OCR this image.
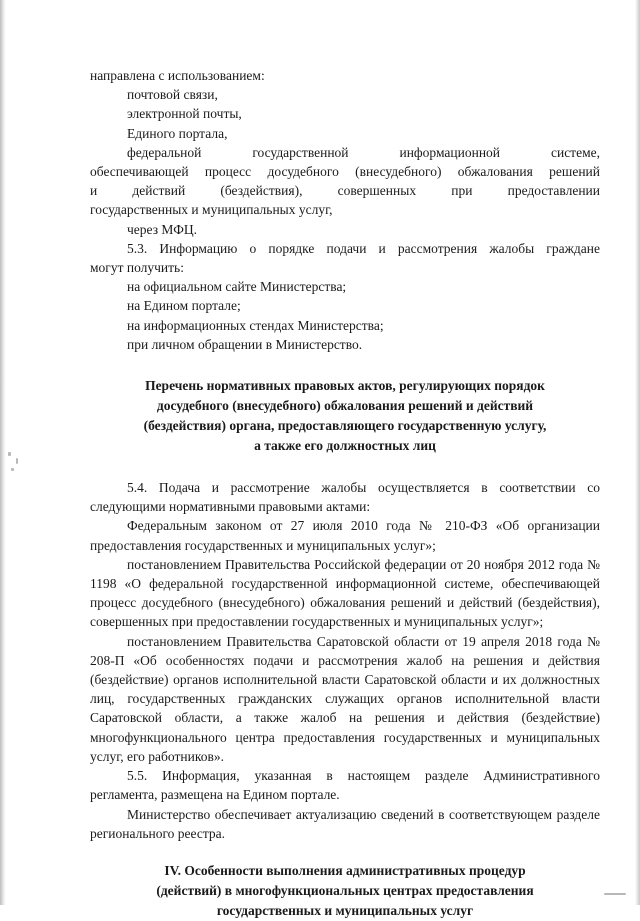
направлена с использованием:

почтовой связи,

электронной почты,

Единого портала,

федеральной государственной информационной системе,

обеспечивающей процесс досудебного (внесудебного) обжалования решений

и действий (бездействия), совершенных при предоставлении

государственных и муниципальных услуг,

через МФЦ.

5.3. Информацию о порядке подачи и рассмотрения жалобы граждане

могут получить:

на официальном сайте Министерства;

на Едином портале;

на информационных стендах Министерства;

при личном обращении в Министерство.

Перечень нормативных правовых актов, регулирующих порядок

досудебного (внесудебного) обжалования решений и действий

(бездействия) органа, предоставляющего государственную услугу,

а также его должностных лиц

5.4. Подача и рассмотрение жалобы осуществляется в соответствии со следующими нормативными правовыми актами:

Федеральным законом от 27 июля 2010 года № 210-ФЗ «Об организации предоставления государственных и муниципальных услуг»;

постановлением Правительства Российской федерации от 20 ноября 2012 года № 1198 «О федеральной государственной информационной системе, обеспечивающей процесс досудебного (внесудебного) обжалования решений и действий (бездействия), совершенных при предоставлении государственных и муниципальных услуг»;

постановлением Правительства Саратовской области от 19 апреля 2018 года № 208-П «Об особенностях подачи и рассмотрения жалоб на решения и действия (бездействие) органов исполнительной власти Саратовской области и их должностных лиц, государственных гражданских служащих органов исполнительной власти Саратовской области, а также жалоб на решения и действия (бездействие) многофункционального центра предоставления государственных и муниципальных услуг, его работников».

5.5. Информация, указанная в настоящем разделе Административного регламента, размещена на Едином портале.

Министерство обеспечивает актуализацию сведений в соответствующем разделе регионального реестра.

IV. Особенности выполнения административных процедур

(действий) в многофункциональных центрах предоставления

государственных и муниципальных услуг
